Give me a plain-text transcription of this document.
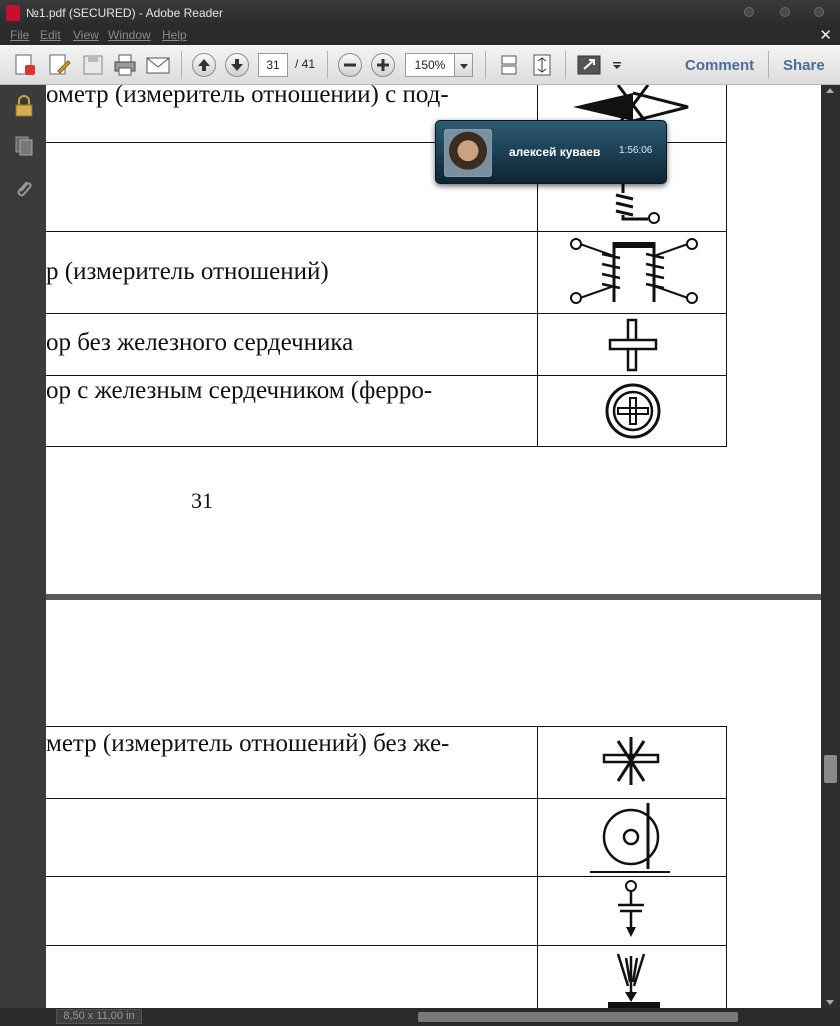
№1.pdf (SECURED) - Adobe Reader
File Edit View Window Help	✕
31	/ 41	150%	Comment Share
ометр (измеритель отношении) с под-
р (измеритель отношений)
ор без железного сердечника
ор с железным сердечником (ферро-
31
метр (измеритель отношений) без же-
алексей куваев 1:56:06
8,50 x 11,00 in
